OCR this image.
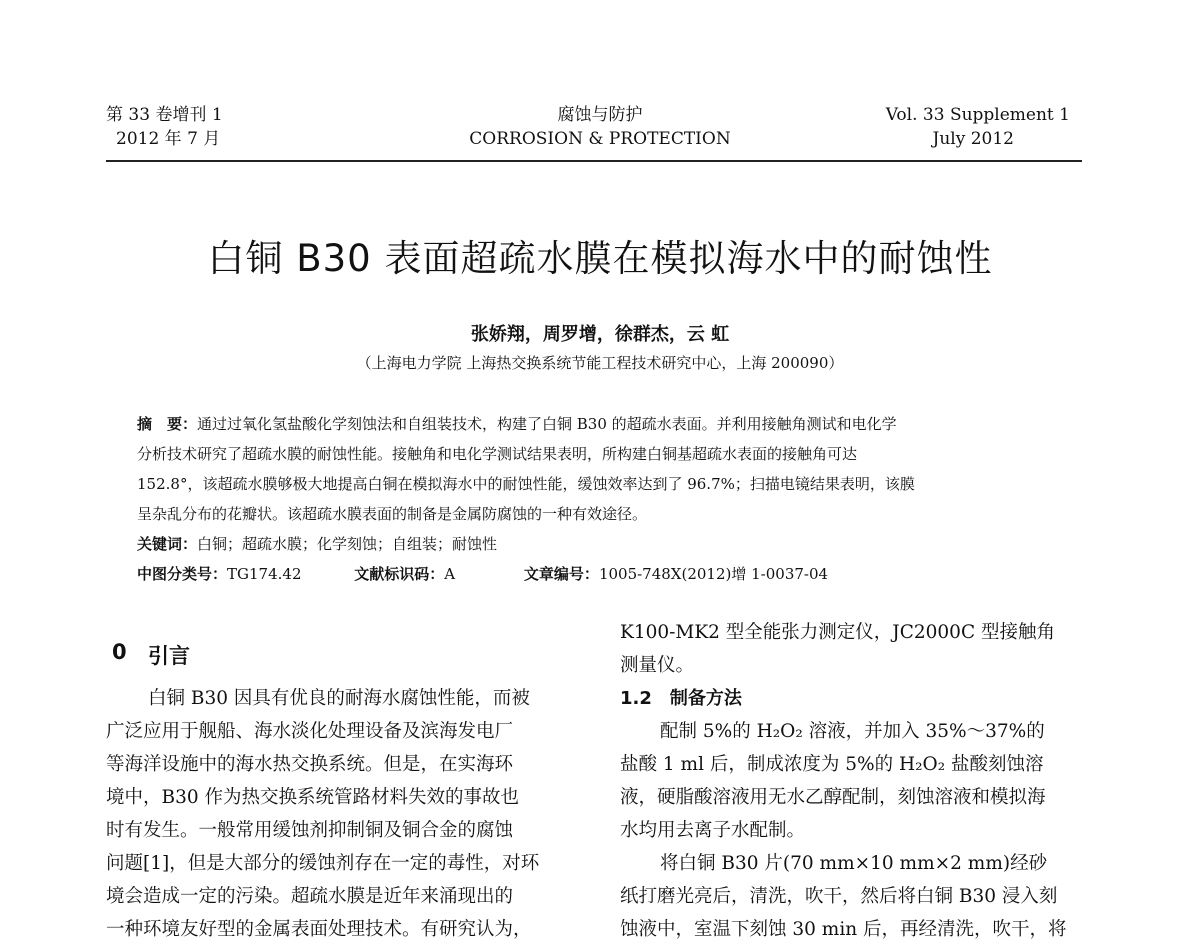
第 33 卷增刊 1
2012 年 7 月
腐蚀与防护
CORROSION & PROTECTION
Vol. 33 Supplement 1
July 2012
白铜 B30 表面超疏水膜在模拟海水中的耐蚀性
张娇翔，周罗增，徐群杰，云 虹
（上海电力学院 上海热交换系统节能工程技术研究中心，上海 200090）
摘　要：通过过氧化氢盐酸化学刻蚀法和自组装技术，构建了白铜 B30 的超疏水表面。并利用接触角测试和电化学
分析技术研究了超疏水膜的耐蚀性能。接触角和电化学测试结果表明，所构建白铜基超疏水表面的接触角可达
152.8°，该超疏水膜够极大地提高白铜在模拟海水中的耐蚀性能，缓蚀效率达到了 96.7%；扫描电镜结果表明，该膜
呈杂乱分布的花瓣状。该超疏水膜表面的制备是金属防腐蚀的一种有效途径。
关键词：白铜；超疏水膜；化学刻蚀；自组装；耐蚀性
中图分类号：TG174.42	文献标识码：A	文章编号：1005-748X(2012)增 1-0037-04
0 引言
白铜 B30 因具有优良的耐海水腐蚀性能，而被
广泛应用于舰船、海水淡化处理设备及滨海发电厂
等海洋设施中的海水热交换系统。但是，在实海环
境中，B30 作为热交换系统管路材料失效的事故也
时有发生。一般常用缓蚀剂抑制铜及铜合金的腐蚀
问题[1]，但是大部分的缓蚀剂存在一定的毒性，对环
境会造成一定的污染。超疏水膜是近年来涌现出的
一种环境友好型的金属表面处理技术。有研究认为，
K100-MK2 型全能张力测定仪，JC2000C 型接触角
测量仪。
1.2　制备方法
配制 5%的 H₂O₂ 溶液，并加入 35%～37%的
盐酸 1 ml 后，制成浓度为 5%的 H₂O₂ 盐酸刻蚀溶
液，硬脂酸溶液用无水乙醇配制，刻蚀溶液和模拟海
水均用去离子水配制。
将白铜 B30 片(70 mm×10 mm×2 mm)经砂
纸打磨光亮后，清洗，吹干，然后将白铜 B30 浸入刻
蚀液中，室温下刻蚀 30 min 后，再经清洗，吹干，将
